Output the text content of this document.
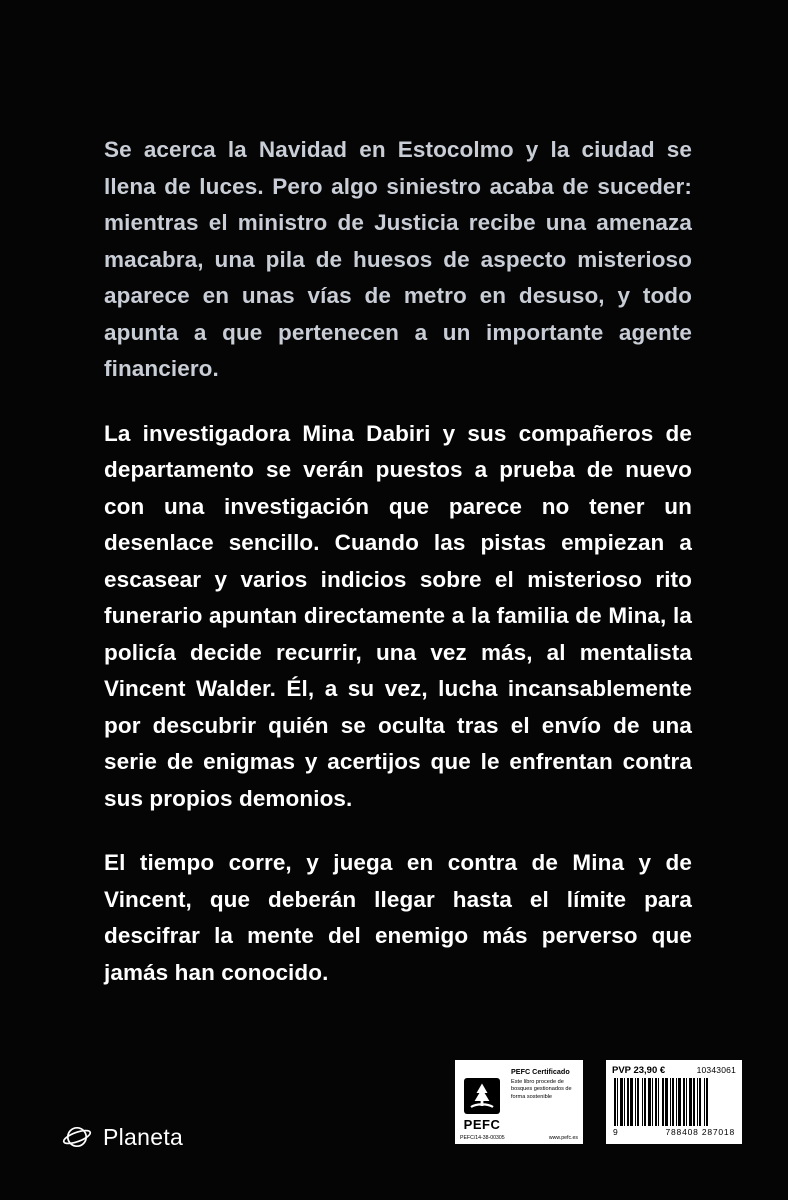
Se acerca la Navidad en Estocolmo y la ciudad se llena de luces. Pero algo siniestro acaba de suceder: mientras el ministro de Justicia recibe una amenaza macabra, una pila de huesos de aspecto misterioso aparece en unas vías de metro en desuso, y todo apunta a que pertenecen a un importante agente financiero.

La investigadora Mina Dabiri y sus compañeros de departamento se verán puestos a prueba de nuevo con una investigación que parece no tener un desenlace sencillo. Cuando las pistas empiezan a escasear y varios indicios sobre el misterioso rito funerario apuntan directamente a la familia de Mina, la policía decide recurrir, una vez más, al mentalista Vincent Walder. Él, a su vez, lucha incansablemente por descubrir quién se oculta tras el envío de una serie de enigmas y acertijos que le enfrentan contra sus propios demonios.

El tiempo corre, y juega en contra de Mina y de Vincent, que deberán llegar hasta el límite para descifrar la mente del enemigo más perverso que jamás han conocido.

Planeta	PEFC
PEFC Certificado
Este libro procede de bosques gestionados de forma sostenible
PEFC/14-38-00305	www.pefc.es
PVP 23,90 €	10343061
9	788408 287018
